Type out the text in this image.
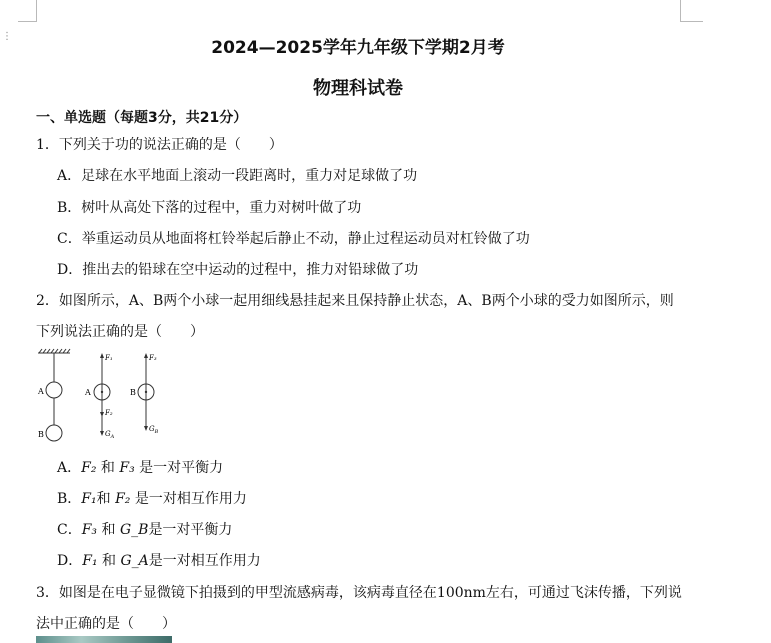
⋮
2024—2025学年九年级下学期2月考
物理科试卷
一、单选题（每题3分，共21分）
1．下列关于功的说法正确的是（　　）
A．足球在水平地面上滚动一段距离时，重力对足球做了功
B．树叶从高处下落的过程中，重力对树叶做了功
C．举重运动员从地面将杠铃举起后静止不动，静止过程运动员对杠铃做了功
D．推出去的铅球在空中运动的过程中，推力对铅球做了功
2．如图所示，A、B两个小球一起用细线悬挂起来且保持静止状态，A、B两个小球的受力如图所示，则
下列说法正确的是（　　）
A
B
A
F₁
F₂
$G_A$
B
F₃
$G_B$
A．F₂ 和 F₃ 是一对平衡力
B．F₁和 F₂ 是一对相互作用力
C．F₃ 和 G_B是一对平衡力
D．F₁ 和 G_A是一对相互作用力
3．如图是在电子显微镜下拍摄到的甲型流感病毒，该病毒直径在100nm左右，可通过飞沫传播，下列说
法中正确的是（　　）
